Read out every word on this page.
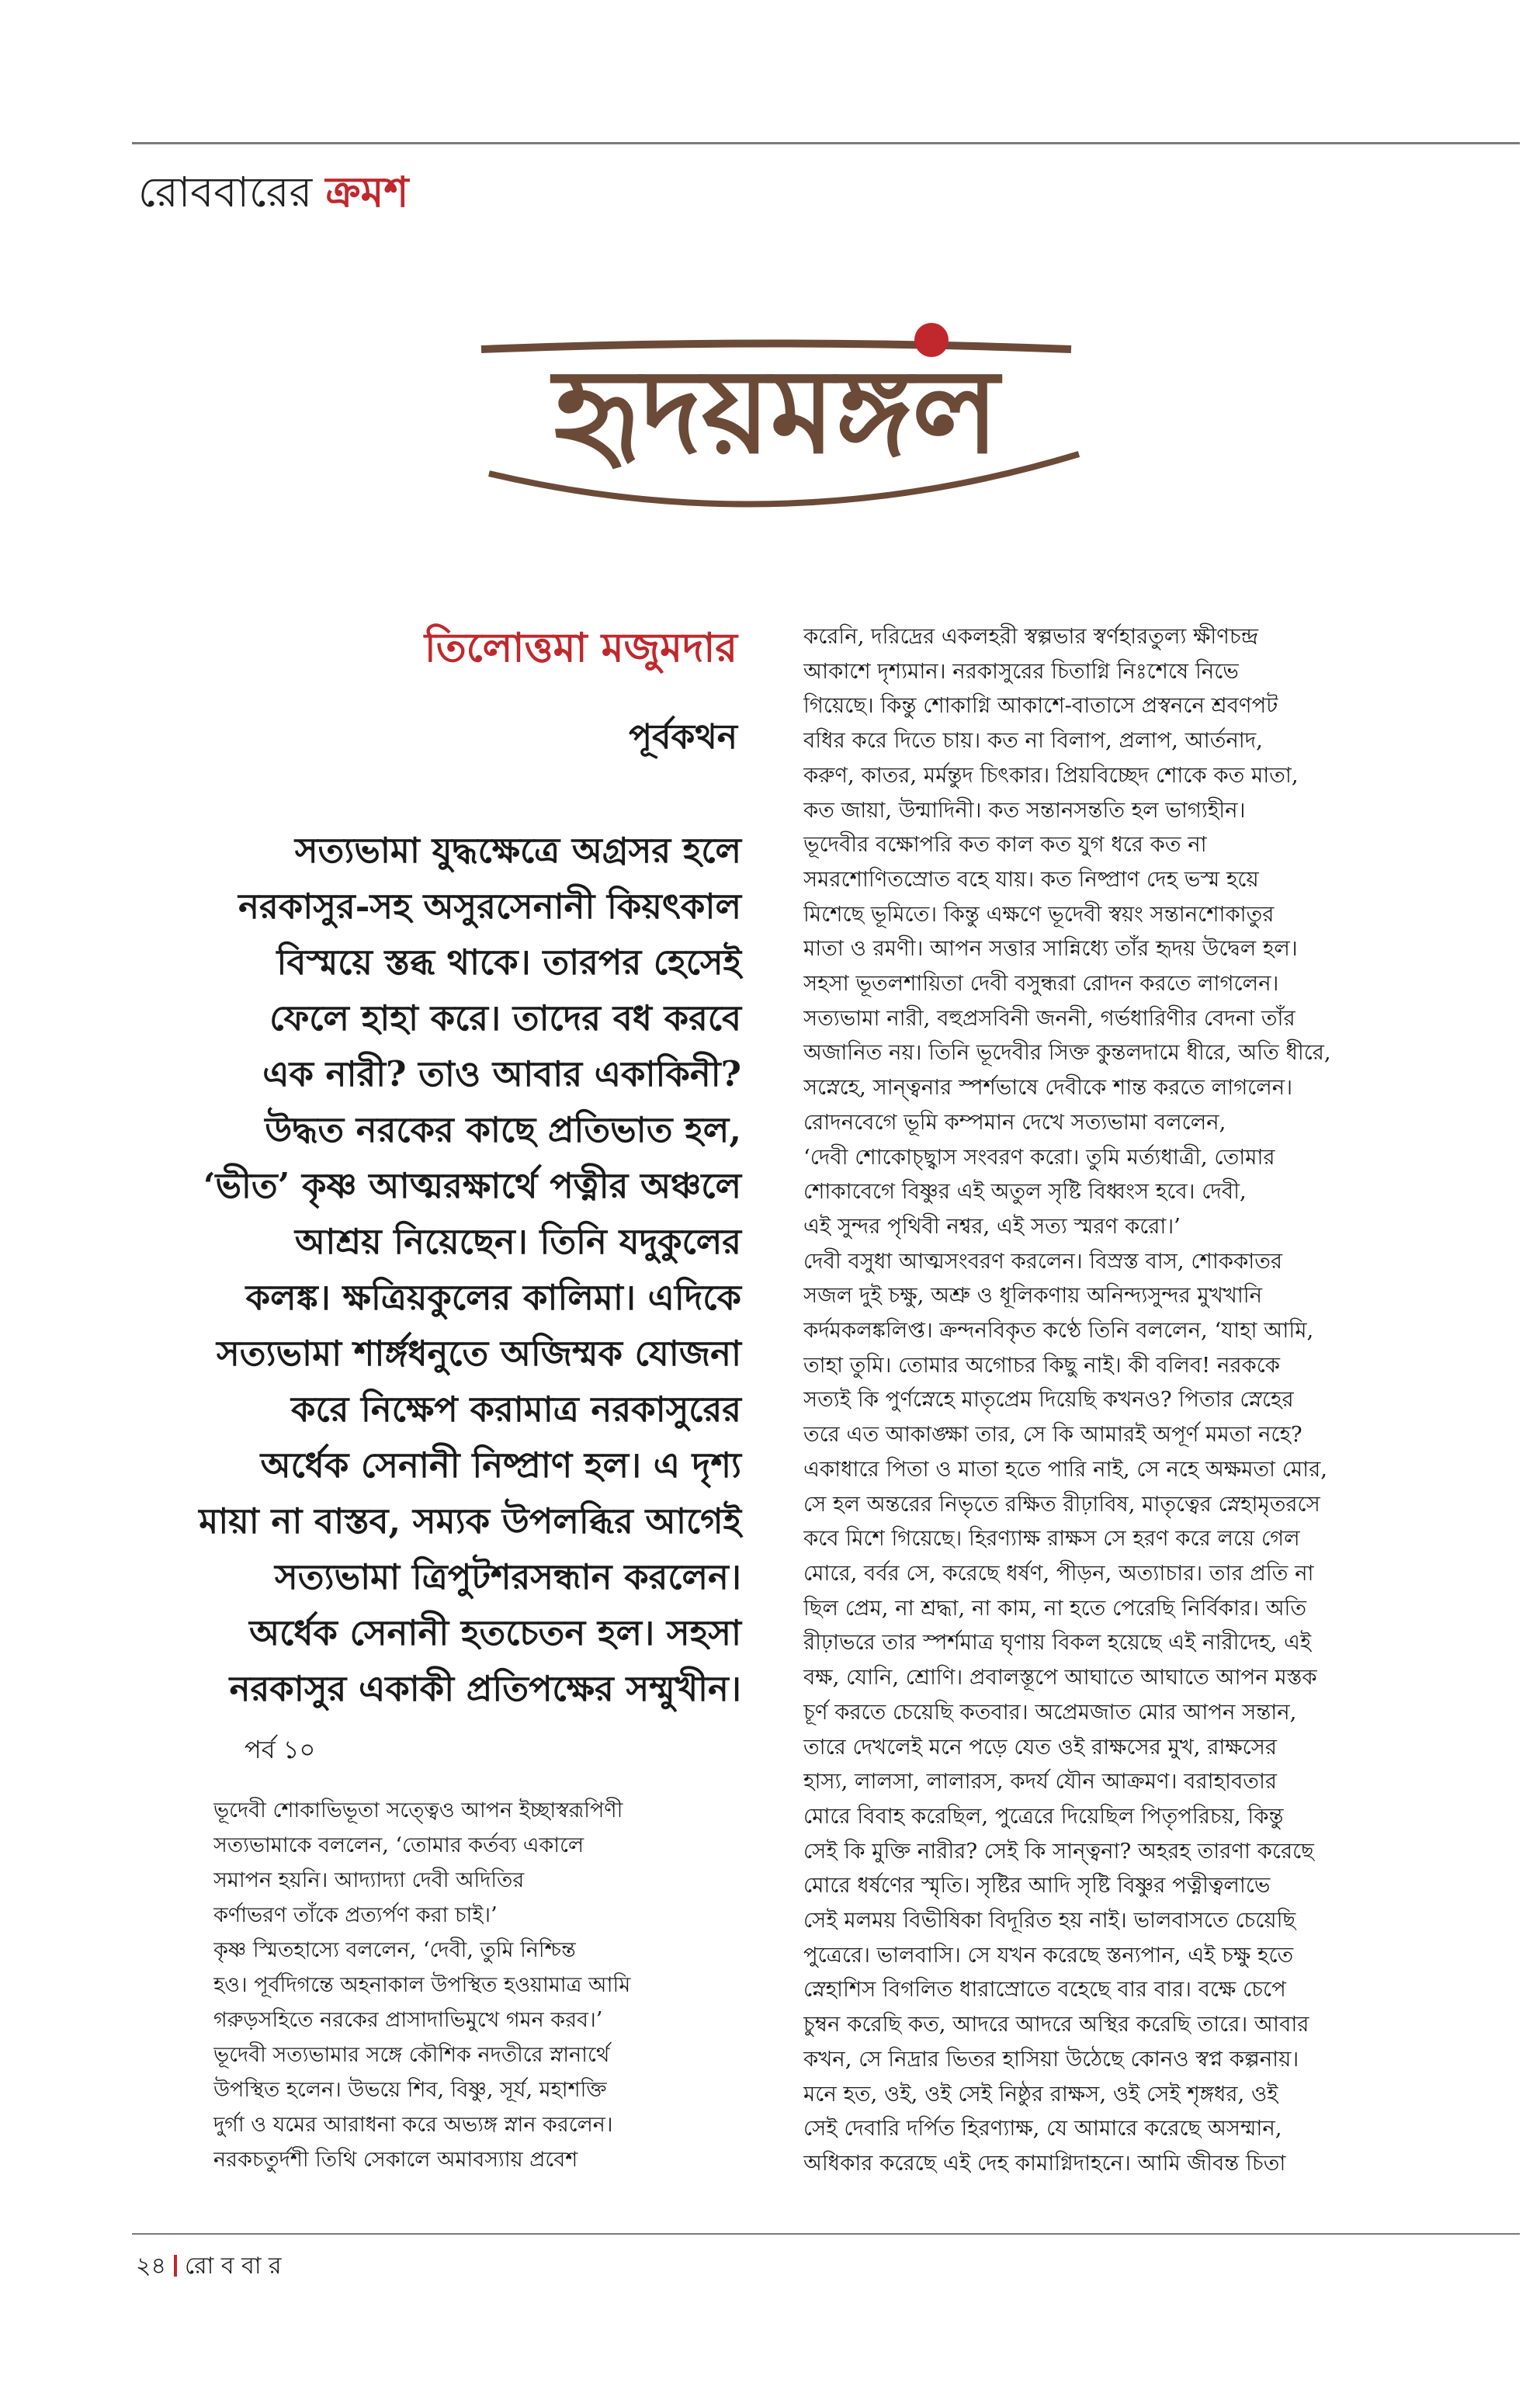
রোববারের ক্রমশ
হৃদয়মঙ্গল
তিলোত্তমা মজুমদার
পূর্বকথন
সত্যভামা যুদ্ধক্ষেত্রে অগ্রসর হলে
নরকাসুর-সহ অসুরসেনানী কিয়ৎকাল
বিস্ময়ে স্তব্ধ থাকে। তারপর হেসেই
ফেলে হাহা করে। তাদের বধ করবে
এক নারী? তাও আবার একাকিনী?
উদ্ধত নরকের কাছে প্রতিভাত হল,
‘ভীত’ কৃষ্ণ আত্মরক্ষার্থে পত্নীর অঞ্চলে
আশ্রয় নিয়েছেন। তিনি যদুকুলের
কলঙ্ক। ক্ষত্রিয়কুলের কালিমা। এদিকে
সত্যভামা শার্ঙ্গধনুতে অজিম্মক যোজনা
করে নিক্ষেপ করামাত্র নরকাসুরের
অর্ধেক সেনানী নিষ্প্রাণ হল। এ দৃশ্য
মায়া না বাস্তব, সম্যক উপলব্ধির আগেই
সত্যভামা ত্রিপুটশরসন্ধান করলেন।
অর্ধেক সেনানী হতচেতন হল। সহসা
নরকাসুর একাকী প্রতিপক্ষের সম্মুখীন।
পর্ব ১০
ভূদেবী শোকাভিভূতা সত্ত্বেও আপন ইচ্ছাস্বরূপিণী
সত্যভামাকে বললেন, ‘তোমার কর্তব্য একালে
সমাপন হয়নি। আদ্যাদ্যা দেবী অদিতির
কর্ণাভরণ তাঁকে প্রত্যর্পণ করা চাই।’
কৃষ্ণ স্মিতহাস্যে বললেন, ‘দেবী, তুমি নিশ্চিন্ত
হও। পূর্বদিগন্তে অহনাকাল উপস্থিত হওয়ামাত্র আমি
গরুড়সহিতে নরকের প্রাসাদাভিমুখে গমন করব।’
ভূদেবী সত্যভামার সঙ্গে কৌশিক নদতীরে স্নানার্থে
উপস্থিত হলেন। উভয়ে শিব, বিষ্ণু, সূর্য, মহাশক্তি
দুর্গা ও যমের আরাধনা করে অভ্যঙ্গ স্নান করলেন।
নরকচতুর্দশী তিথি সেকালে অমাবস্যায় প্রবেশ
করেনি, দরিদ্রের একলহরী স্বল্পভার স্বর্ণহারতুল্য ক্ষীণচন্দ্র
আকাশে দৃশ্যমান। নরকাসুরের চিতাগ্নি নিঃশেষে নিভে
গিয়েছে। কিন্তু শোকাগ্নি আকাশে-বাতাসে প্রস্বননে শ্রবণপট
বধির করে দিতে চায়। কত না বিলাপ, প্রলাপ, আর্তনাদ,
করুণ, কাতর, মর্মন্তুদ চিৎকার। প্রিয়বিচ্ছেদ শোকে কত মাতা,
কত জায়া, উন্মাদিনী। কত সন্তানসন্ততি হল ভাগ্যহীন।
ভূদেবীর বক্ষোপরি কত কাল কত যুগ ধরে কত না
সমরশোণিতস্রোত বহে যায়। কত নিষ্প্রাণ দেহ ভস্ম হয়ে
মিশেছে ভূমিতে। কিন্তু এক্ষণে ভূদেবী স্বয়ং সন্তানশোকাতুর
মাতা ও রমণী। আপন সত্তার সান্নিধ্যে তাঁর হৃদয় উদ্বেল হল।
সহসা ভূতলশায়িতা দেবী বসুন্ধরা রোদন করতে লাগলেন।
সত্যভামা নারী, বহুপ্রসবিনী জননী, গর্ভধারিণীর বেদনা তাঁর
অজানিত নয়। তিনি ভূদেবীর সিক্ত কুন্তলদামে ধীরে, অতি ধীরে,
সস্নেহে, সান্ত্বনার স্পর্শভাষে দেবীকে শান্ত করতে লাগলেন।
রোদনবেগে ভূমি কম্পমান দেখে সত্যভামা বললেন,
‘দেবী শোকোচ্ছ্বাস সংবরণ করো। তুমি মর্ত্যধাত্রী, তোমার
শোকাবেগে বিষ্ণুর এই অতুল সৃষ্টি বিধ্বংস হবে। দেবী,
এই সুন্দর পৃথিবী নশ্বর, এই সত্য স্মরণ করো।’
দেবী বসুধা আত্মসংবরণ করলেন। বিস্রস্ত বাস, শোককাতর
সজল দুই চক্ষু, অশ্রু ও ধূলিকণায় অনিন্দ্যসুন্দর মুখখানি
কর্দমকলঙ্কলিপ্ত। ক্রন্দনবিকৃত কণ্ঠে তিনি বললেন, ‘যাহা আমি,
তাহা তুমি। তোমার অগোচর কিছু নাই। কী বলিব! নরককে
সত্যই কি পুর্ণস্নেহে মাতৃপ্রেম দিয়েছি কখনও? পিতার স্নেহের
তরে এত আকাঙ্ক্ষা তার, সে কি আমারই অপূর্ণ মমতা নহে?
একাধারে পিতা ও মাতা হতে পারি নাই, সে নহে অক্ষমতা মোর,
সে হল অন্তরের নিভৃতে রক্ষিত রীঢ়াবিষ, মাতৃত্বের স্নেহামৃতরসে
কবে মিশে গিয়েছে। হিরণ্যাক্ষ রাক্ষস সে হরণ করে লয়ে গেল
মোরে, বর্বর সে, করেছে ধর্ষণ, পীড়ন, অত্যাচার। তার প্রতি না
ছিল প্রেম, না শ্রদ্ধা, না কাম, না হতে পেরেছি নির্বিকার। অতি
রীঢ়াভরে তার স্পর্শমাত্র ঘৃণায় বিকল হয়েছে এই নারীদেহ, এই
বক্ষ, যোনি, শ্রোণি। প্রবালস্তূপে আঘাতে আঘাতে আপন মস্তক
চূর্ণ করতে চেয়েছি কতবার। অপ্রেমজাত মোর আপন সন্তান,
তারে দেখলেই মনে পড়ে যেত ওই রাক্ষসের মুখ, রাক্ষসের
হাস্য, লালসা, লালারস, কদর্য যৌন আক্রমণ। বরাহাবতার
মোরে বিবাহ করেছিল, পুত্রেরে দিয়েছিল পিতৃপরিচয়, কিন্তু
সেই কি মুক্তি নারীর? সেই কি সান্ত্বনা? অহরহ তারণা করেছে
মোরে ধর্ষণের স্মৃতি। সৃষ্টির আদি সৃষ্টি বিষ্ণুর পত্নীত্বলাভে
সেই মলময় বিভীষিকা বিদূরিত হয় নাই। ভালবাসতে চেয়েছি
পুত্রেরে। ভালবাসি। সে যখন করেছে স্তন্যপান, এই চক্ষু হতে
স্নেহাশিস বিগলিত ধারাস্রোতে বহেছে বার বার। বক্ষে চেপে
চুম্বন করেছি কত, আদরে আদরে অস্থির করেছি তারে। আবার
কখন, সে নিদ্রার ভিতর হাসিয়া উঠেছে কোনও স্বপ্ন কল্পনায়।
মনে হত, ওই, ওই সেই নিষ্ঠুর রাক্ষস, ওই সেই শৃঙ্গধর, ওই
সেই দেবারি দর্পিত হিরণ্যাক্ষ, যে আমারে করেছে অসম্মান,
অধিকার করেছে এই দেহ কামাগ্নিদাহনে। আমি জীবন্ত চিতা
২৪ রো ব বা র
